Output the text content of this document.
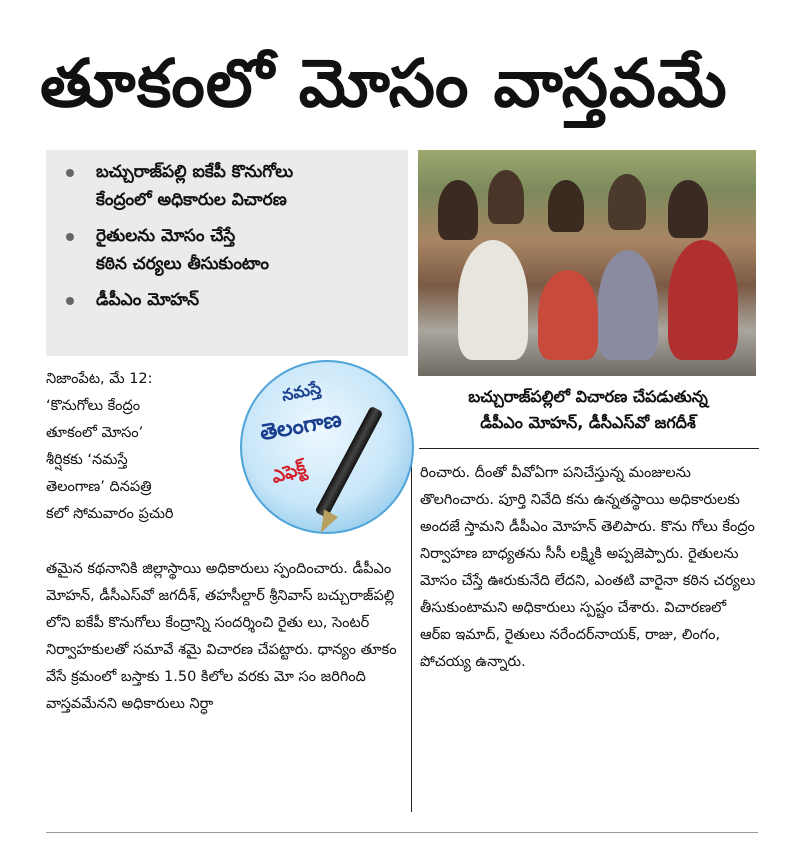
తూకంలో మోసం వాస్తవమే
బచ్చురాజ్‌పల్లి ఐకేపీ కొనుగోలు
కేంద్రంలో అధికారుల విచారణ
రైతులను మోసం చేస్తే
కఠిన చర్యలు తీసుకుంటాం
డీపీఎం మోహన్
బచ్చురాజ్‌పల్లిలో విచారణ చేపడుతున్న
డీపీఎం మోహన్, డీసీఎస్‌వో జగదీశ్
నమస్తే
తెలంగాణ
ఎఫెక్ట్

నిజాంపేట, మే 12:
‘కొనుగోలు కేంద్రం
తూకంలో మోసం’
శీర్షికకు ‘నమస్తే
తెలంగాణ’ దినపత్రి
కలో సోమవారం ప్రచురి

తమైన కథనానికి జిల్లాస్థాయి అధికారులు స్పందించారు. డీపీఎం మోహన్, డీసీఎస్‌వో జగదీశ్, తహసీల్దార్ శ్రీనివాస్ బచ్చురాజ్‌పల్లి లోని ఐకేపీ కొనుగోలు కేంద్రాన్ని సందర్శించి రైతు లు, సెంటర్ నిర్వాహకులతో సమావే శమై విచారణ చేపట్టారు. ధాన్యం తూకం వేసే క్రమంలో బస్తాకు 1.50 కిలోల వరకు మో సం జరిగింది వాస్తవమేనని అధికారులు నిర్ధా

రించారు. దీంతో వీవోఏగా పనిచేస్తున్న మంజులను తొలగించారు. పూర్తి నివేది కను ఉన్నతస్థాయి అధికారులకు అందజే స్తామని డీపీఎం మోహన్ తెలిపారు. కొను గోలు కేంద్రం నిర్వాహణ బాధ్యతను సీసీ లక్ష్మికి అప్పజెప్పారు. రైతులను మోసం చేస్తే ఊరుకునేది లేదని, ఎంతటి వారైనా కఠిన చర్యలు తీసుకుంటామని అధికారులు స్పష్టం చేశారు. విచారణలో ఆర్ఐ ఇమాద్, రైతులు నరేందర్‌నాయక్, రాజు, లింగం, పోచయ్య ఉన్నారు.
